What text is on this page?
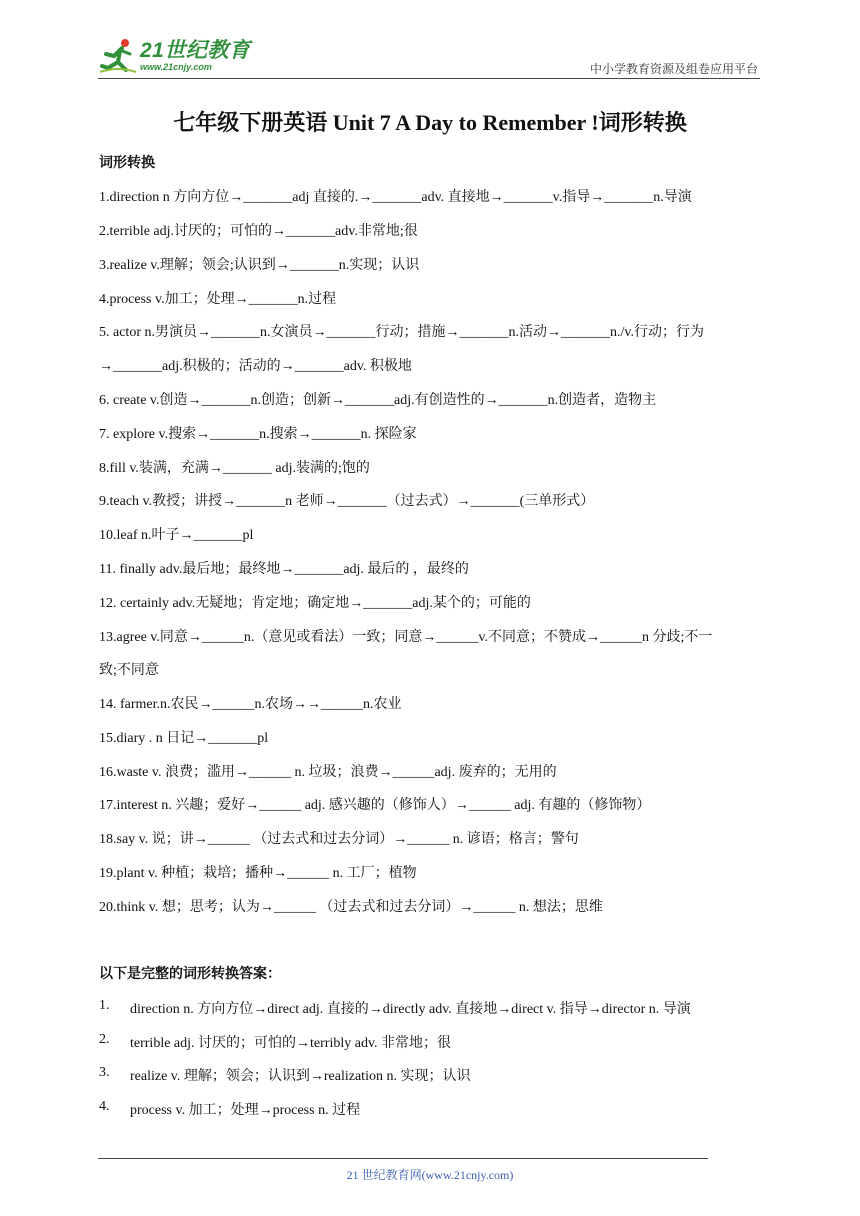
21世纪教育
www.21cnjy.com	中小学教育资源及组卷应用平台
七年级下册英语 Unit 7 A Day to Remember !词形转换
词形转换
1.direction n 方向方位→_______adj 直接的.→_______adv. 直接地→_______v.指导→_______n.导演
2.terrible adj.讨厌的；可怕的→_______adv.非常地;很
3.realize v.理解；领会;认识到→_______n.实现；认识
4.process v.加工；处理→_______n.过程
5. actor n.男演员→_______n.女演员→_______行动；措施→_______n.活动→_______n./v.行动；行为
→_______adj.积极的；活动的→_______adv. 积极地
6. create v.创造→_______n.创造；创新→_______adj.有创造性的→_______n.创造者，造物主
7. explore v.搜索→_______n.搜索→_______n. 探险家
8.fill v.装满，充满→_______ adj.装满的;饱的
9.teach v.教授；讲授→_______n 老师→_______（过去式）→_______(三单形式）
10.leaf n.叶子→_______pl
11. finally adv.最后地；最终地→_______adj. 最后的 ，最终的
12. certainly adv.无疑地；肯定地；确定地→_______adj.某个的；可能的
13.agree v.同意→______n.（意见或看法）一致；同意→______v.不同意；不赞成→______n 分歧;不一
致;不同意
14. farmer.n.农民→______n.农场→→______n.农业
15.diary . n 日记→_______pl
16.waste v. 浪费；滥用→______ n. 垃圾；浪费→______adj. 废弃的；无用的
17.interest n. 兴趣；爱好→______ adj. 感兴趣的（修饰人）→______ adj. 有趣的（修饰物）
18.say v. 说；讲→______ （过去式和过去分词）→______ n. 谚语；格言；警句
19.plant v. 种植；栽培；播种→______ n. 工厂；植物
20.think v. 想；思考；认为→______ （过去式和过去分词）→______ n. 想法；思维
以下是完整的词形转换答案：
1. direction n. 方向方位→direct adj. 直接的→directly adv. 直接地→direct v. 指导→director n. 导演
2. terrible adj. 讨厌的；可怕的→terribly adv. 非常地；很
3. realize v. 理解；领会；认识到→realization n. 实现；认识
4. process v. 加工；处理→process n. 过程
21 世纪教育网(www.21cnjy.com)
